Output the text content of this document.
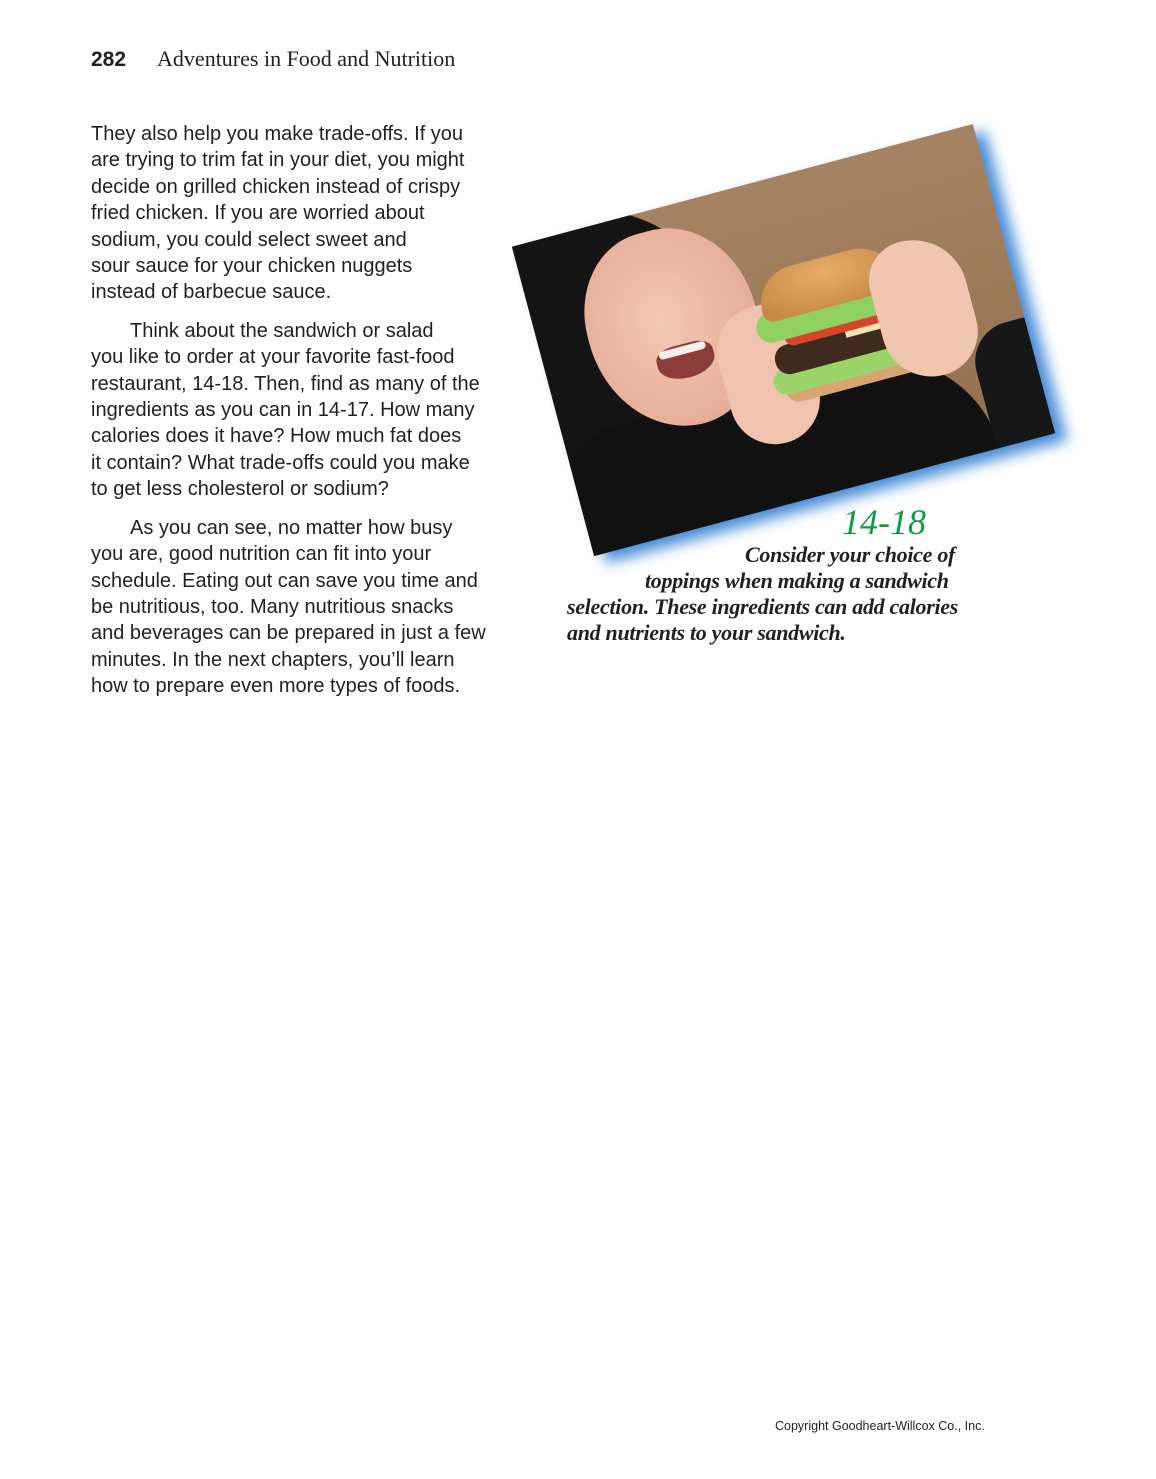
282 Adventures in Food and Nutrition

They also help you make trade-offs. If you
are trying to trim fat in your diet, you might
decide on grilled chicken instead of crispy
fried chicken. If you are worried about
sodium, you could select sweet and
sour sauce for your chicken nuggets
instead of barbecue sauce.

Think about the sandwich or salad
you like to order at your favorite fast-food
restaurant, 14-18. Then, find as many of the
ingredients as you can in 14-17. How many
calories does it have? How much fat does
it contain? What trade-offs could you make
to get less cholesterol or sodium?

As you can see, no matter how busy
you are, good nutrition can fit into your
schedule. Eating out can save you time and
be nutritious, too. Many nutritious snacks
and beverages can be prepared in just a few
minutes. In the next chapters, you’ll learn
how to prepare even more types of foods.

14-18
Consider your choice of
toppings when making a sandwich
selection. These ingredients can add calories
and nutrients to your sandwich.
Copyright Goodheart-Willcox Co., Inc.
